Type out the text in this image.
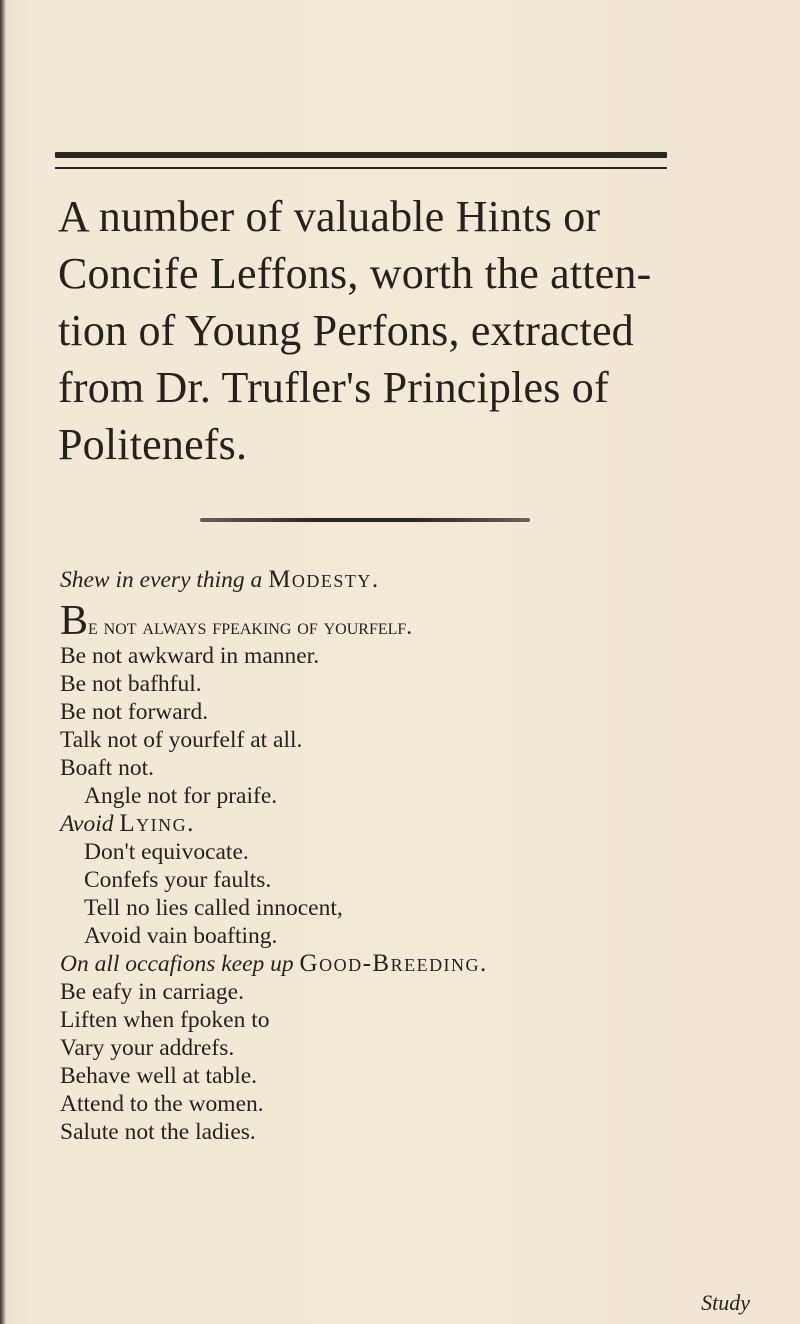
A number of valuable Hints or
Concife Leffons, worth the atten-
tion of Young Perfons, extracted
from Dr. Trufler's Principles of
Politenefs.
Shew in every thing a Modesty.
Be not always fpeaking of yourfelf.
Be not awkward in manner.
Be not bafhful.
Be not forward.
Talk not of yourfelf at all.
Boaft not.
Angle not for praife.
Avoid Lying.
Don't equivocate.
Confefs your faults.
Tell no lies called innocent,
Avoid vain boafting.
On all occafions keep up Good-Breeding.
Be eafy in carriage.
Liften when fpoken to
Vary your addrefs.
Behave well at table.
Attend to the women.
Salute not the ladies.
Study
